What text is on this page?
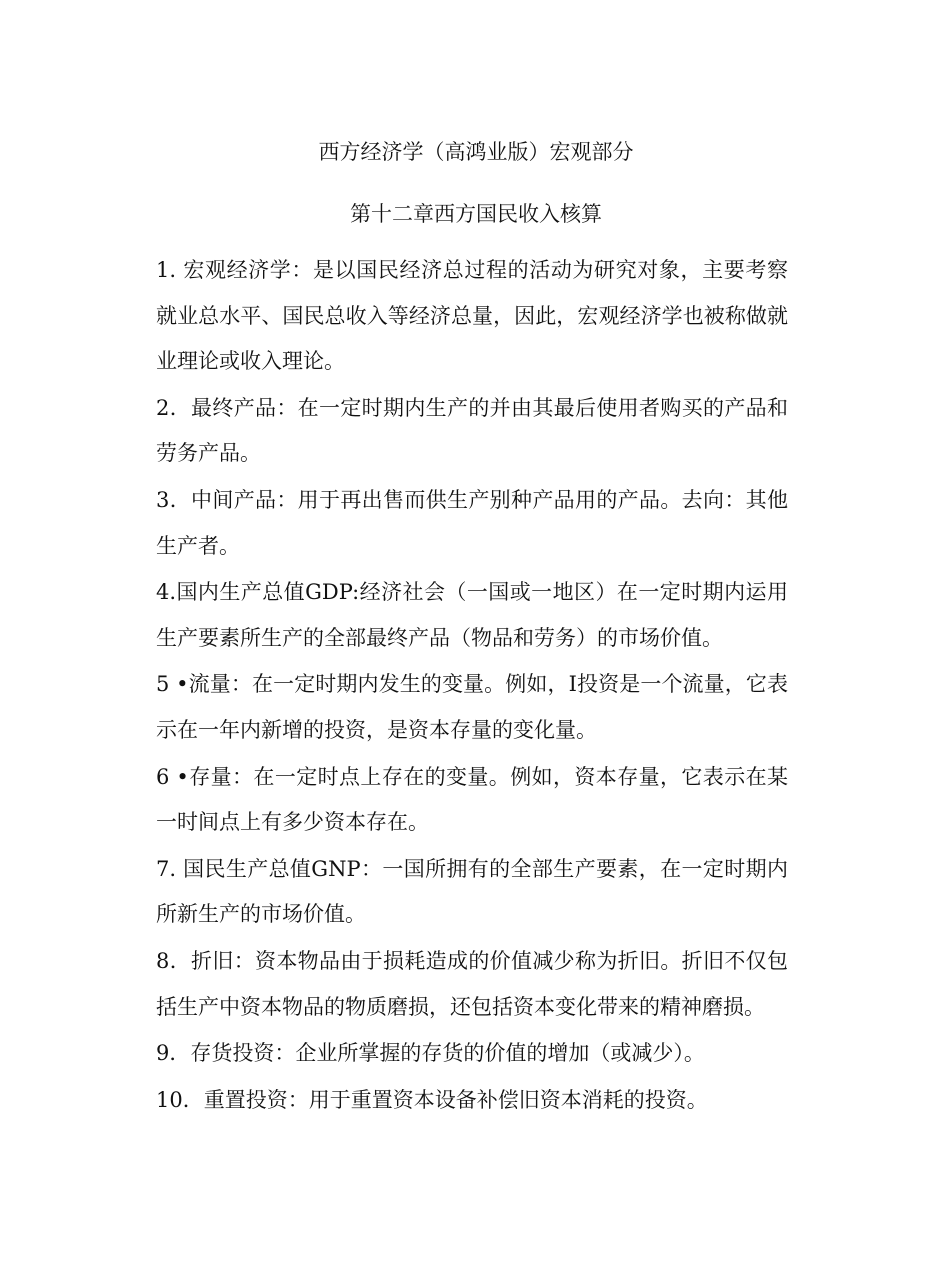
西方经济学（高鸿业版）宏观部分

第十二章西方国民收入核算

1. 宏观经济学：是以国民经济总过程的活动为研究对象，主要考察就业总水平、国民总收入等经济总量，因此，宏观经济学也被称做就业理论或收入理论。

2．最终产品：在一定时期内生产的并由其最后使用者购买的产品和劳务产品。

3．中间产品：用于再出售而供生产别种产品用的产品。去向：其他生产者。

4.国内生产总值GDP:经济社会（一国或一地区）在一定时期内运用生产要素所生产的全部最终产品（物品和劳务）的市场价值。

5 •流量：在一定时期内发生的变量。例如，I投资是一个流量，它表示在一年内新增的投资，是资本存量的变化量。

6 •存量：在一定时点上存在的变量。例如，资本存量，它表示在某一时间点上有多少资本存在。

7. 国民生产总值GNP：一国所拥有的全部生产要素，在一定时期内所新生产的市场价值。

8．折旧：资本物品由于损耗造成的价值减少称为折旧。折旧不仅包括生产中资本物品的物质磨损，还包括资本变化带来的精神磨损。

9．存货投资：企业所掌握的存货的价值的增加（或减少）。

10．重置投资：用于重置资本设备补偿旧资本消耗的投资。
